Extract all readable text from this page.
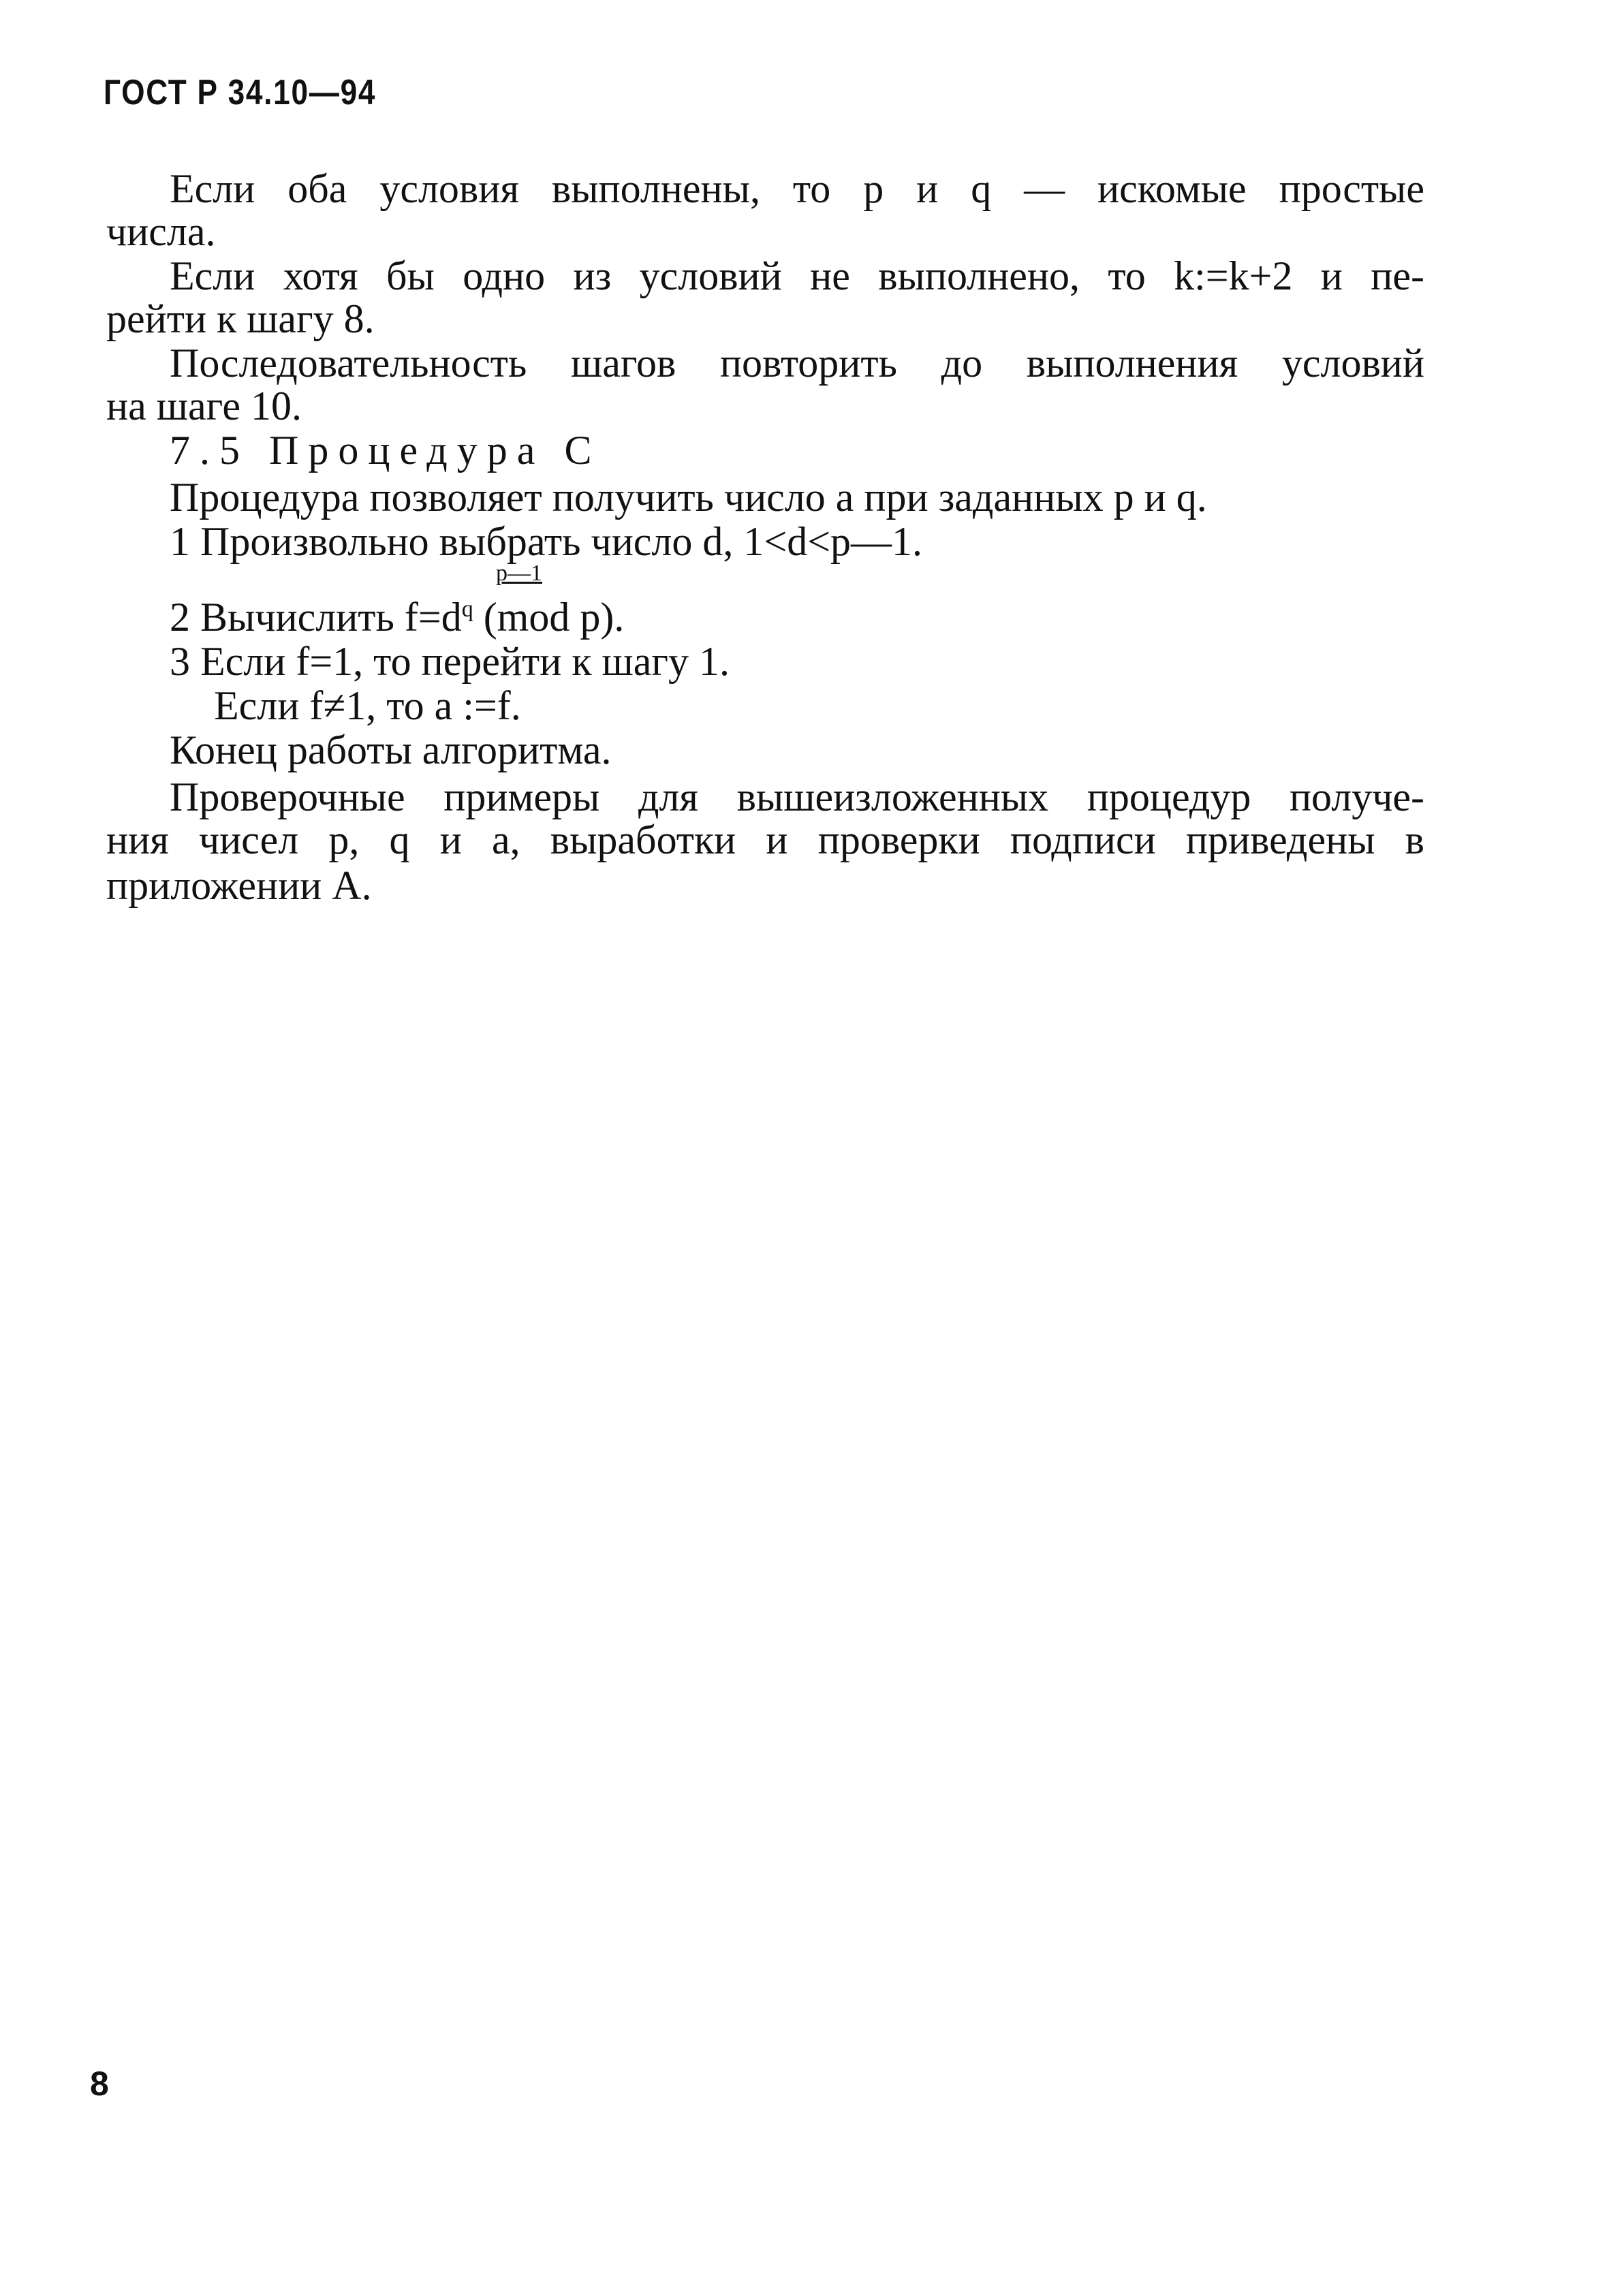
ГОСТ Р 34.10—94
Если оба условия выполнены, то p и q — искомые простые
числа.
Если хотя бы одно из условий не выполнено, то k:=k+2 и пе-
рейти к шагу 8.
Последовательность шагов повторить до выполнения условий
на шаге 10.
7.5 Процедура C
Процедура позволяет получить число a при заданных p и q.
1 Произвольно выбрать число d, 1<d<p—1.
p—1
2 Вычислить $f=d^q$ (mod p).
3 Если f=1, то перейти к шагу 1.
Если f≠1, то a :=f.
Конец работы алгоритма.
Проверочные примеры для вышеизложенных процедур получе-
ния чисел p, q и a, выработки и проверки подписи приведены в
приложении А.
8
